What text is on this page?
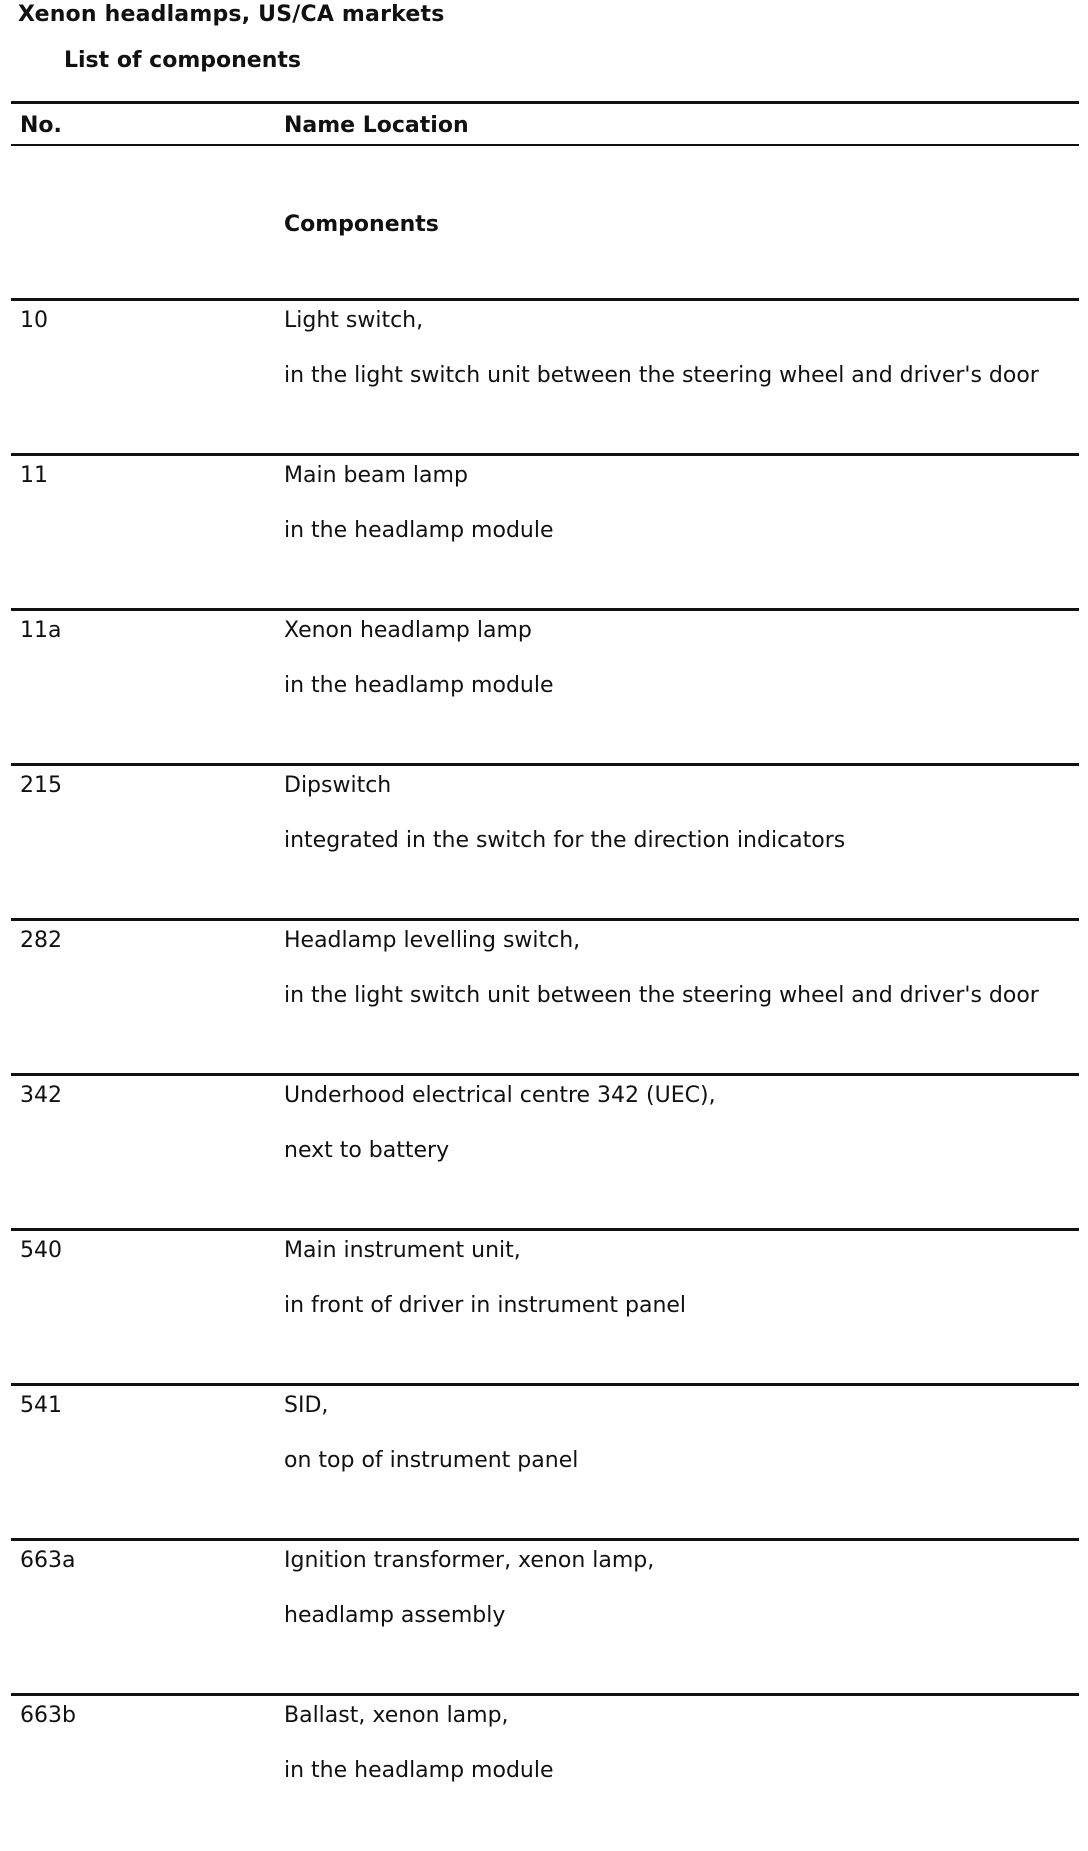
Xenon headlamps, US/CA markets
List of components
No.	Name Location
Components
10	Light switch,
in the light switch unit between the steering wheel and driver's door
11	Main beam lamp
in the headlamp module
11a	Xenon headlamp lamp
in the headlamp module
215	Dipswitch
integrated in the switch for the direction indicators
282	Headlamp levelling switch,
in the light switch unit between the steering wheel and driver's door
342	Underhood electrical centre 342 (UEC),
next to battery
540	Main instrument unit,
in front of driver in instrument panel
541	SID,
on top of instrument panel
663a	Ignition transformer, xenon lamp,
headlamp assembly
663b	Ballast, xenon lamp,
in the headlamp module
